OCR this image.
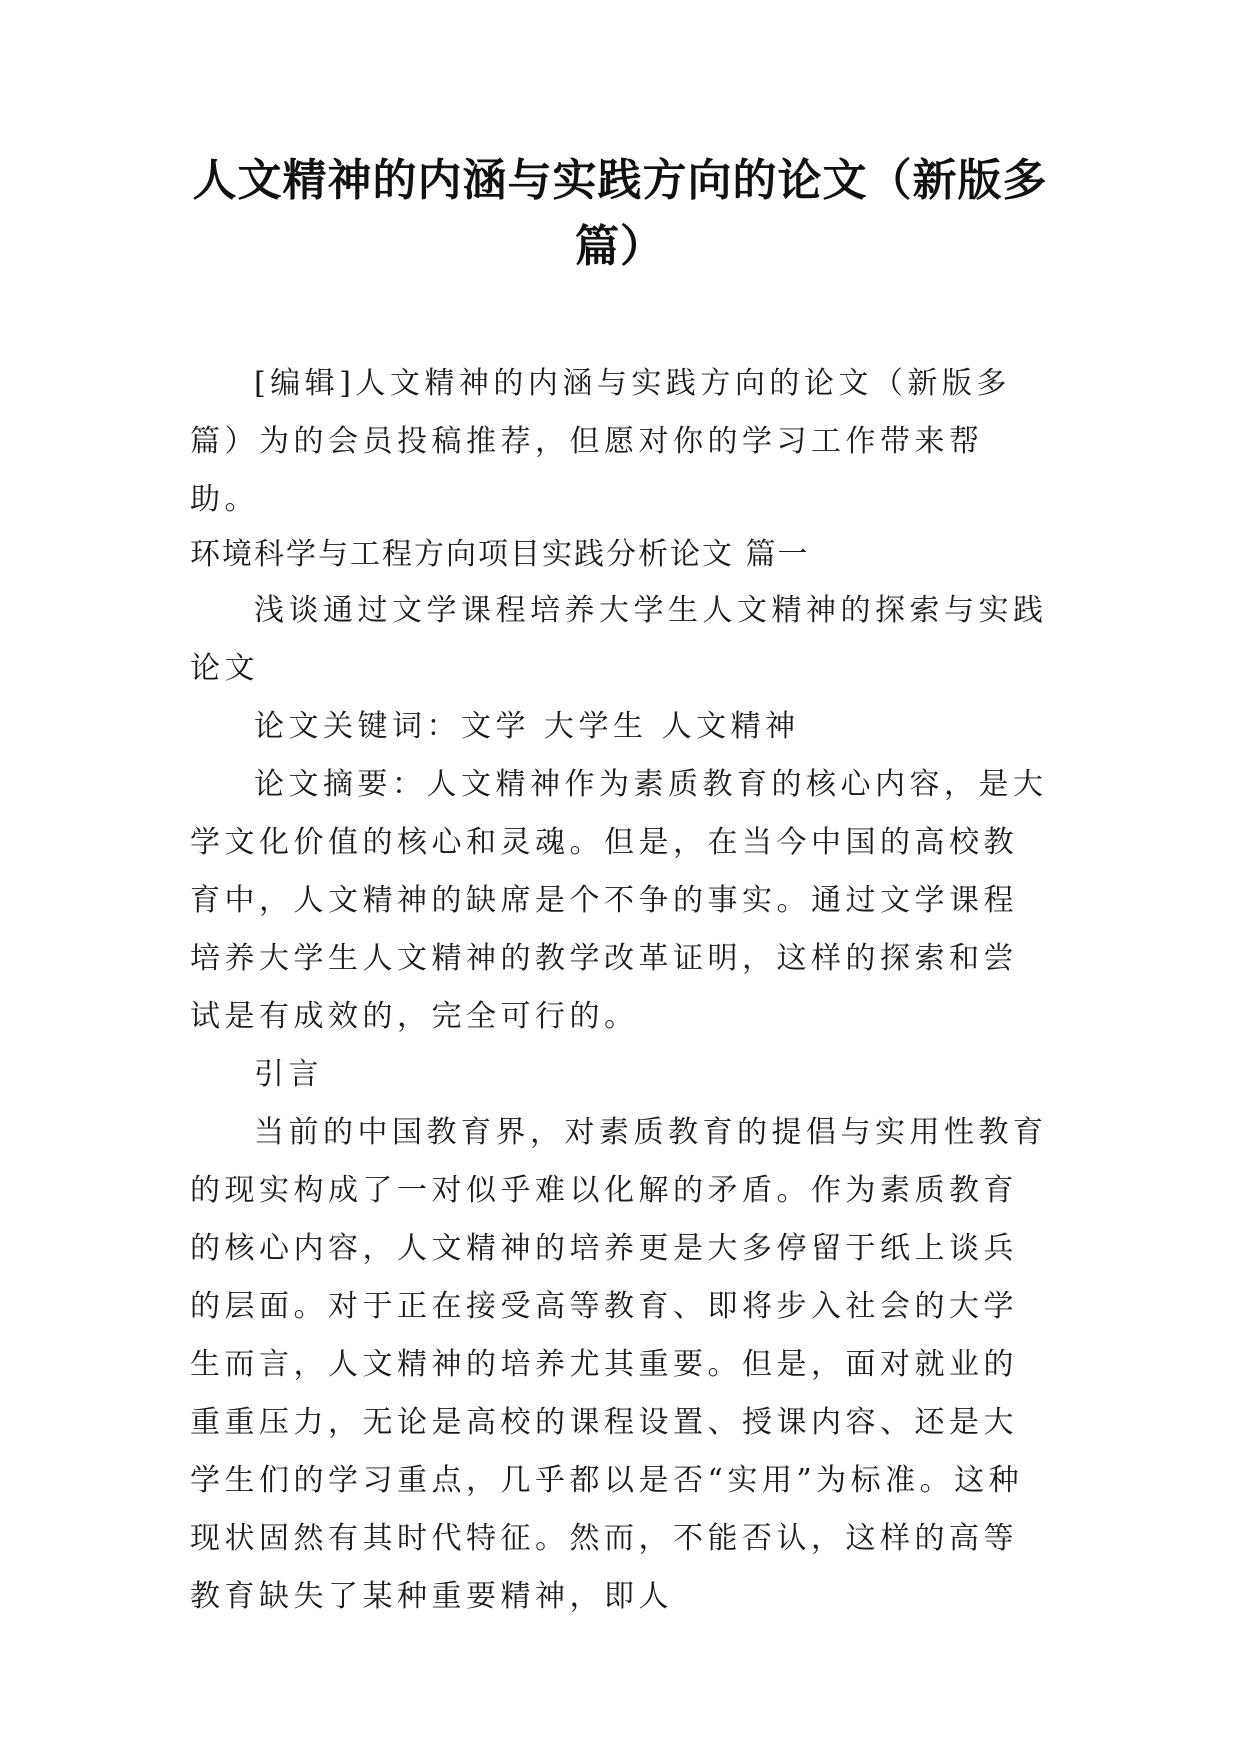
人文精神的内涵与实践方向的论文（新版多篇）

[编辑]人文精神的内涵与实践方向的论文（新版多篇）为的会员投稿推荐，但愿对你的学习工作带来帮助。

环境科学与工程方向项目实践分析论文 篇一

浅谈通过文学课程培养大学生人文精神的探索与实践论文

论文关键词：文学 大学生 人文精神

论文摘要：人文精神作为素质教育的核心内容，是大学文化价值的核心和灵魂。但是，在当今中国的高校教育中，人文精神的缺席是个不争的事实。通过文学课程培养大学生人文精神的教学改革证明，这样的探索和尝试是有成效的，完全可行的。

引言

当前的中国教育界，对素质教育的提倡与实用性教育的现实构成了一对似乎难以化解的矛盾。作为素质教育的核心内容，人文精神的培养更是大多停留于纸上谈兵的层面。对于正在接受高等教育、即将步入社会的大学生而言，人文精神的培养尤其重要。但是，面对就业的重重压力，无论是高校的课程设置、授课内容、还是大学生们的学习重点，几乎都以是否“实用”为标准。这种现状固然有其时代特征。然而，不能否认，这样的高等教育缺失了某种重要精神，即人
